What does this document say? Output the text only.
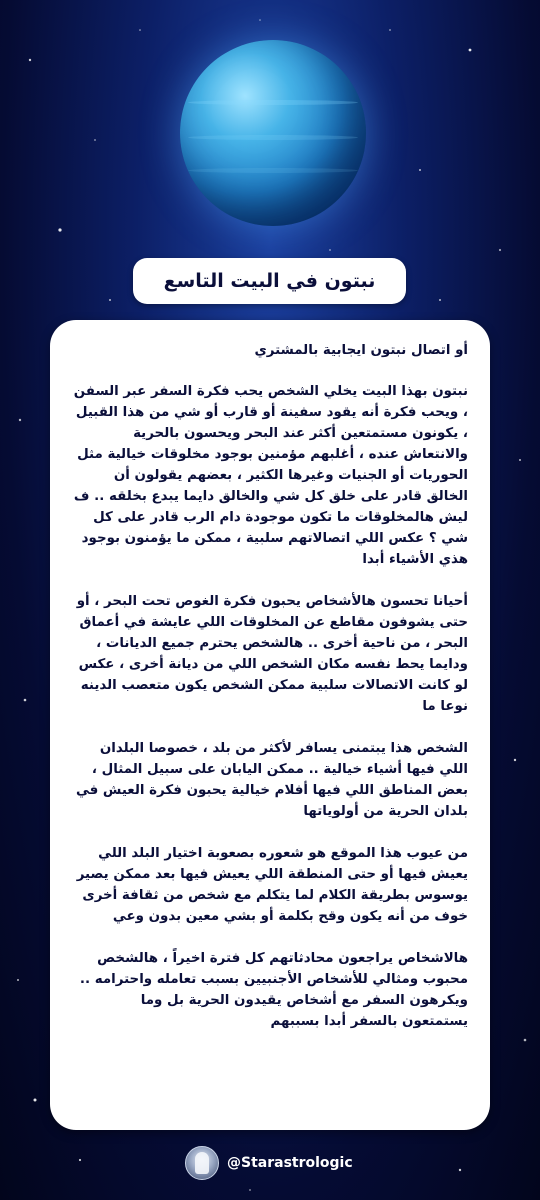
نبتون في البيت التاسع

أو اتصال نبتون ايجابية بالمشتري

نبتون بهذا البيت يخلي الشخص يحب فكرة السفر عبر السفن ، ويحب فكرة أنه يقود سفينة أو قارب أو شي من هذا القبيل ، يكونون مستمتعين أكثر عند البحر ويحسون بالحرية والانتعاش عنده ، أغلبهم مؤمنين بوجود مخلوقات خيالية مثل الحوريات أو الجنيات وغيرها الكثير ، بعضهم يقولون أن الخالق قادر على خلق كل شي والخالق دايما يبدع بخلقه .. ف ليش هالمخلوقات ما تكون موجودة دام الرب قادر على كل شي ؟ عكس اللي اتصالاتهم سلبية ، ممكن ما يؤمنون بوجود هذي الأشياء أبدا

أحيانا تحسون هالأشخاص يحبون فكرة الغوص تحت البحر ، أو حتى يشوفون مقاطع عن المخلوقات اللي عايشة في أعماق البحر ، من ناحية أخرى .. هالشخص يحترم جميع الديانات ، ودايما يحط نفسه مكان الشخص اللي من ديانة أخرى ، عكس لو كانت الاتصالات سلبية ممكن الشخص يكون متعصب الدينه نوعا ما

الشخص هذا يبتمنى يسافر لأكثر من بلد ، خصوصا البلدان اللي فيها أشياء خيالية .. ممكن اليابان على سبيل المثال ، بعض المناطق اللي فيها أفلام خيالية يحبون فكرة العيش في بلدان الحرية من أولوياتها

من عيوب هذا الموقع هو شعوره بصعوبة اختيار البلد اللي يعيش فيها أو حتى المنطقة اللي يعيش فيها بعد ممكن يصير يوسوس بطريقة الكلام لما يتكلم مع شخص من ثقافة أخرى خوف من أنه يكون وقح بكلمة أو بشي معين بدون وعي

هالاشخاص يراجعون محادثاتهم كل فترة اخيراً ، هالشخص محبوب ومثالي للأشخاص الأجنبيين بسبب تعامله واحترامه .. ويكرهون السفر مع أشخاص يقيدون الحرية بل وما يستمتعون بالسفر أبدا بسببهم

@Starastrologic
